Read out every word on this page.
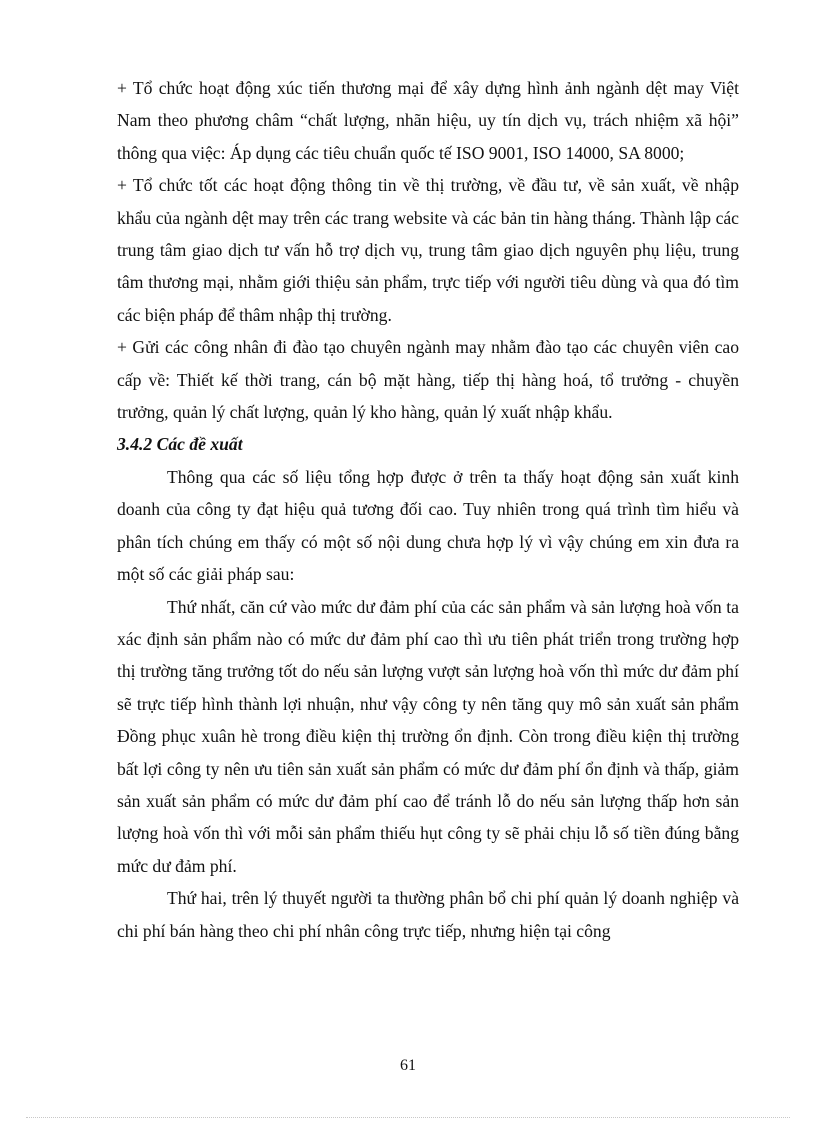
+ Tổ chức hoạt động xúc tiến thương mại để xây dựng hình ảnh ngành dệt may Việt Nam theo phương châm “chất lượng, nhãn hiệu, uy tín dịch vụ, trách nhiệm xã hội” thông qua việc: Áp dụng các tiêu chuẩn quốc tế ISO 9001, ISO 14000, SA 8000;

+ Tổ chức tốt các hoạt động thông tin về thị trường, về đầu tư, về sản xuất, về nhập khẩu của ngành dệt may trên các trang website và các bản tin hàng tháng. Thành lập các trung tâm giao dịch tư vấn hỗ trợ dịch vụ, trung tâm giao dịch nguyên phụ liệu, trung tâm thương mại, nhằm giới thiệu sản phẩm, trực tiếp với người tiêu dùng và qua đó tìm các biện pháp để thâm nhập thị trường.

+ Gửi các công nhân đi đào tạo chuyên ngành may nhằm đào tạo các chuyên viên cao cấp về: Thiết kế thời trang, cán bộ mặt hàng, tiếp thị hàng hoá, tổ trưởng - chuyền trưởng, quản lý chất lượng, quản lý kho hàng, quản lý xuất nhập khẩu.

3.4.2 Các đề xuất

Thông qua các số liệu tổng hợp được ở trên ta thấy hoạt động sản xuất kinh doanh của công ty đạt hiệu quả tương đối cao. Tuy nhiên trong quá trình tìm hiểu và phân tích chúng em thấy có một số nội dung chưa hợp lý vì vậy chúng em xin đưa ra một số các giải pháp sau:

Thứ nhất, căn cứ vào mức dư đảm phí của các sản phẩm và sản lượng hoà vốn ta xác định sản phẩm nào có mức dư đảm phí cao thì ưu tiên phát triển trong trường hợp thị trường tăng trưởng tốt do nếu sản lượng vượt sản lượng hoà vốn thì mức dư đảm phí sẽ trực tiếp hình thành lợi nhuận, như vậy công ty nên tăng quy mô sản xuất sản phẩm Đồng phục xuân hè trong điều kiện thị trường ổn định. Còn trong điều kiện thị trường bất lợi công ty nên ưu tiên sản xuất sản phẩm có mức dư đảm phí ổn định và thấp, giảm sản xuất sản phẩm có mức dư đảm phí cao để tránh lỗ do nếu sản lượng thấp hơn sản lượng hoà vốn thì với mỗi sản phẩm thiếu hụt công ty sẽ phải chịu lỗ số tiền đúng bằng mức dư đảm phí.

Thứ hai, trên lý thuyết người ta thường phân bổ chi phí quản lý doanh nghiệp và chi phí bán hàng theo chi phí nhân công trực tiếp, nhưng hiện tại công

61
